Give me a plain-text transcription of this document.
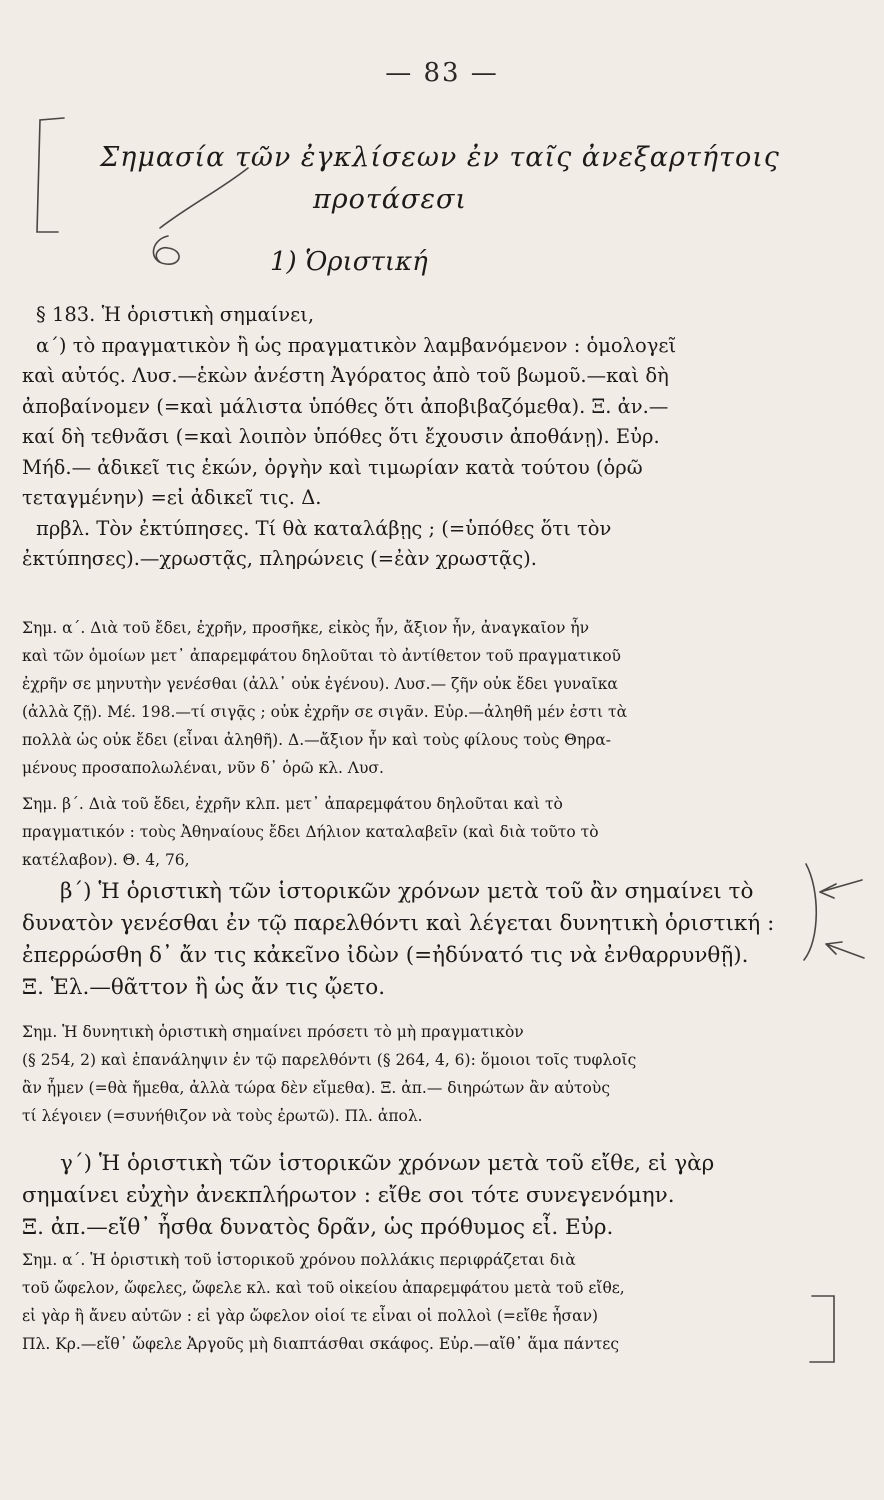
— 83 —
Σημασία τῶν ἐγκλίσεων ἐν ταῖς ἀνεξαρτήτοις
προτάσεσι
1) Ὁριστική
§ 183. Ἡ ὁριστικὴ σημαίνει,
α΄) τὸ πραγματικὸν ἢ ὡς πραγματικὸν λαμβανόμενον : ὁμολογεῖ
καὶ αὐτός. Λυσ.—ἑκὼν ἀνέστη Ἀγόρατος ἀπὸ τοῦ βωμοῦ.—καὶ δὴ
ἀποβαίνομεν (=καὶ μάλιστα ὑπόθες ὅτι ἀποβιβαζόμεθα). Ξ. ἀν.—
καί δὴ τεθνᾶσι (=καὶ λοιπὸν ὑπόθες ὅτι ἔχουσιν ἀποθάνῃ). Εὐρ.
Μήδ.— ἀδικεῖ τις ἑκών, ὀργὴν καὶ τιμωρίαν κατὰ τούτου (ὁρῶ
τεταγμένην) =εἰ ἀδικεῖ τις. Δ.
πρβλ. Τὸν ἐκτύπησες. Τί θὰ καταλάβῃς ; (=ὑπόθες ὅτι τὸν
ἐκτύπησες).—χρωστᾷς, πληρώνεις (=ἐὰν χρωστᾷς).
Σημ. α΄. Διὰ τοῦ ἔδει, ἐχρῆν, προσῆκε, εἰκὸς ἦν, ἄξιον ἦν, ἀναγκαῖον ἦν
καὶ τῶν ὁμοίων μετ᾽ ἀπαρεμφάτου δηλοῦται τὸ ἀντίθετον τοῦ πραγματικοῦ
ἐχρῆν σε μηνυτὴν γενέσθαι (ἀλλ᾽ οὐκ ἐγένου). Λυσ.— ζῆν οὐκ ἔδει γυναῖκα
(ἀλλὰ ζῇ). Μέ. 198.—τί σιγᾷς ; οὐκ ἐχρῆν σε σιγᾶν. Εὐρ.—ἀληθῆ μέν ἐστι τὰ
πολλὰ ὡς οὐκ ἔδει (εἶναι ἀληθῆ). Δ.—ἄξιον ἦν καὶ τοὺς φίλους τοὺς Θηρα-
μένους προσαπολωλέναι, νῦν δ᾽ ὁρῶ κλ. Λυσ.
Σημ. β΄. Διὰ τοῦ ἔδει, ἐχρῆν κλπ. μετ᾽ ἀπαρεμφάτου δηλοῦται καὶ τὸ
πραγματικόν : τοὺς Ἀθηναίους ἔδει Δήλιον καταλαβεῖν (καὶ διὰ τοῦτο τὸ
κατέλαβον). Θ. 4, 76,
β΄) Ἡ ὁριστικὴ τῶν ἱστορικῶν χρόνων μετὰ τοῦ ἂν σημαίνει τὸ
δυνατὸν γενέσθαι ἐν τῷ παρελθόντι καὶ λέγεται δυνητικὴ ὁριστική :
ἐπερρώσθη δ᾽ ἄν τις κἀκεῖνο ἰδὼν (=ἠδύνατό τις νὰ ἐνθαρρυνθῇ).
Ξ. Ἑλ.—θᾶττον ἢ ὡς ἄν τις ᾤετο.
Σημ. Ἡ δυνητικὴ ὁριστικὴ σημαίνει πρόσετι τὸ μὴ πραγματικὸν
(§ 254, 2) καὶ ἐπανάληψιν ἐν τῷ παρελθόντι (§ 264, 4, 6): ὅμοιοι τοῖς τυφλοῖς
ἂν ἦμεν (=θὰ ἤμεθα, ἀλλὰ τώρα δὲν εἴμεθα). Ξ. ἀπ.— διηρώτων ἂν αὐτοὺς
τί λέγοιεν (=συνήθιζον νὰ τοὺς ἐρωτῶ). Πλ. ἀπολ.
γ΄) Ἡ ὁριστικὴ τῶν ἱστορικῶν χρόνων μετὰ τοῦ εἴθε, εἰ γὰρ
σημαίνει εὐχὴν ἀνεκπλήρωτον : εἴθε σοι τότε συνεγενόμην.
Ξ. ἀπ.—εἴθ᾽ ἦσθα δυνατὸς δρᾶν, ὡς πρόθυμος εἶ. Εὐρ.
Σημ. α΄. Ἡ ὁριστικὴ τοῦ ἱστορικοῦ χρόνου πολλάκις περιφράζεται διὰ
τοῦ ὤφελον, ὤφελες, ὤφελε κλ. καὶ τοῦ οἰκείου ἀπαρεμφάτου μετὰ τοῦ εἴθε,
εἰ γὰρ ἢ ἄνευ αὐτῶν : εἰ γὰρ ὤφελον οἱοί τε εἶναι οἱ πολλοὶ (=εἴθε ἦσαν)
Πλ. Κρ.—εἴθ᾽ ὤφελε Ἀργοῦς μὴ διαπτάσθαι σκάφος. Εὐρ.—αἴθ᾽ ἅμα πάντες
